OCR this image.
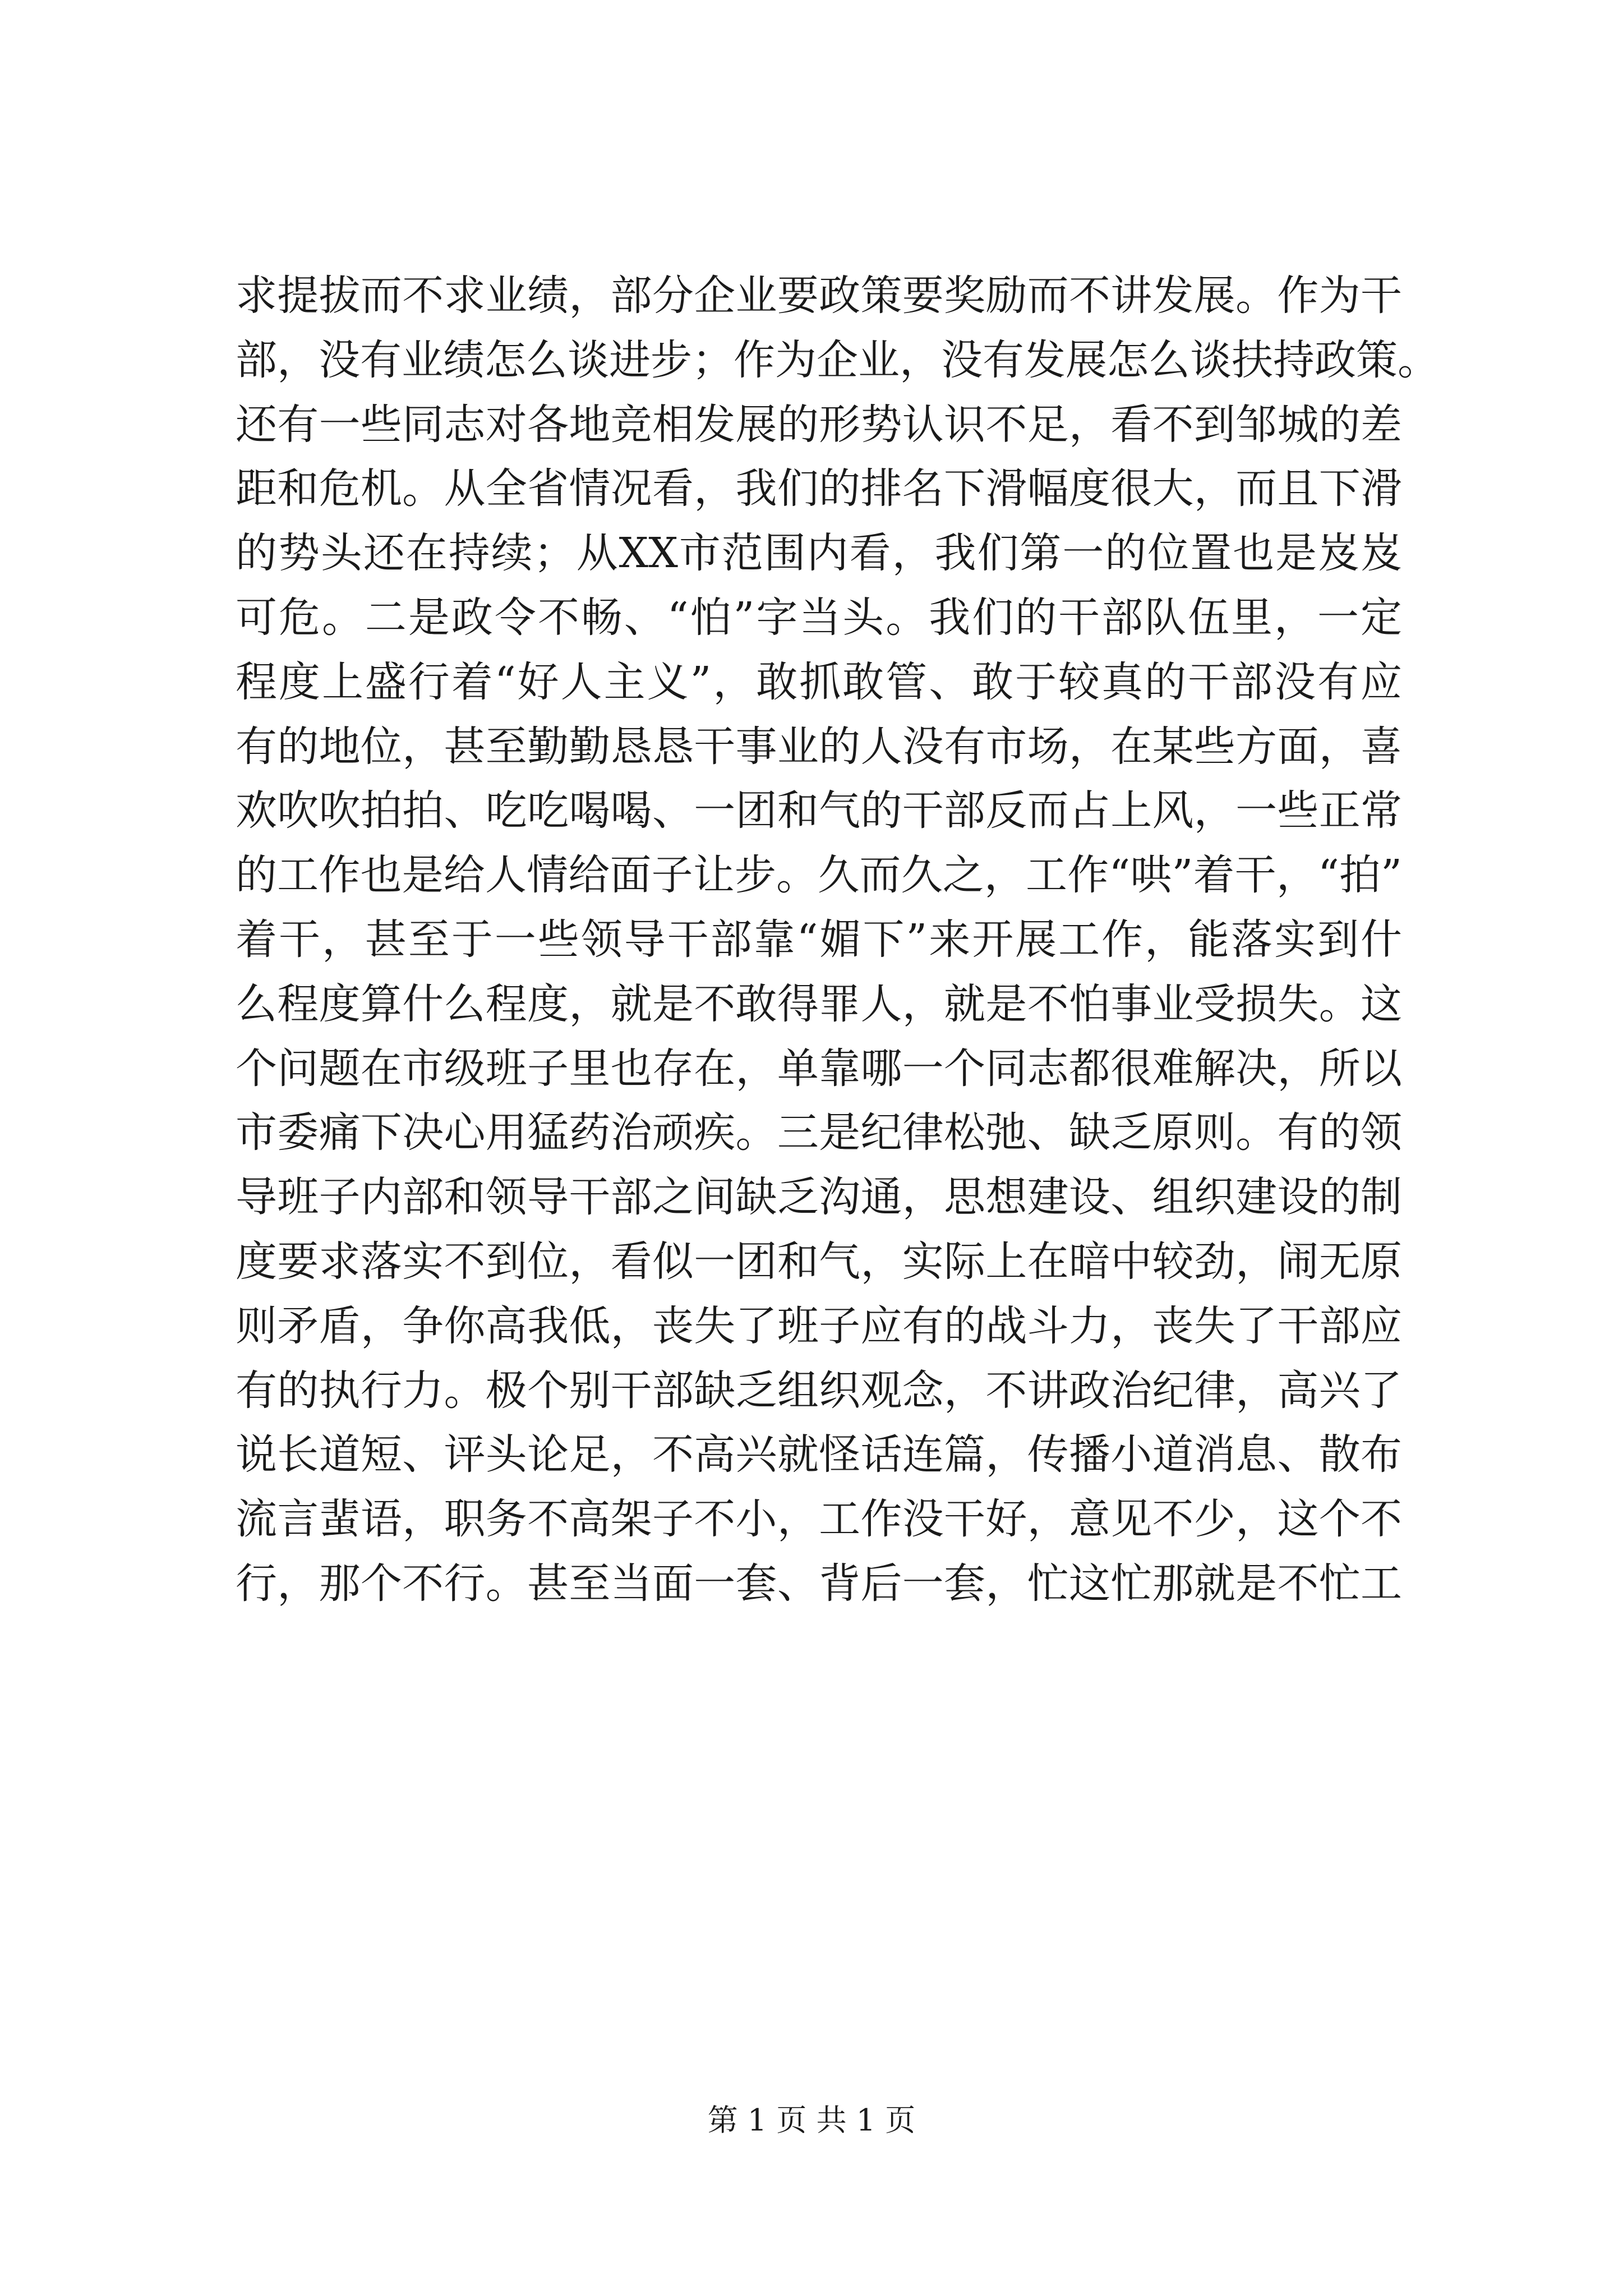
求提拔而不求业绩，部分企业要政策要奖励而不讲发展。作为干
部，没有业绩怎么谈进步；作为企业，没有发展怎么谈扶持政策。
还有一些同志对各地竞相发展的形势认识不足，看不到邹城的差
距和危机。从全省情况看，我们的排名下滑幅度很大，而且下滑
的势头还在持续；从XX市范围内看，我们第一的位置也是岌岌
可危。二是政令不畅、“怕”字当头。我们的干部队伍里，一定
程度上盛行着“好人主义”，敢抓敢管、敢于较真的干部没有应
有的地位，甚至勤勤恳恳干事业的人没有市场，在某些方面，喜
欢吹吹拍拍、吃吃喝喝、一团和气的干部反而占上风，一些正常
的工作也是给人情给面子让步。久而久之，工作“哄”着干，“拍”
着干，甚至于一些领导干部靠“媚下”来开展工作，能落实到什
么程度算什么程度，就是不敢得罪人，就是不怕事业受损失。这
个问题在市级班子里也存在，单靠哪一个同志都很难解决，所以
市委痛下决心用猛药治顽疾。三是纪律松弛、缺乏原则。有的领
导班子内部和领导干部之间缺乏沟通，思想建设、组织建设的制
度要求落实不到位，看似一团和气，实际上在暗中较劲，闹无原
则矛盾，争你高我低，丧失了班子应有的战斗力，丧失了干部应
有的执行力。极个别干部缺乏组织观念，不讲政治纪律，高兴了
说长道短、评头论足，不高兴就怪话连篇，传播小道消息、散布
流言蜚语，职务不高架子不小，工作没干好，意见不少，这个不
行，那个不行。甚至当面一套、背后一套，忙这忙那就是不忙工
第 1 页 共 1 页
